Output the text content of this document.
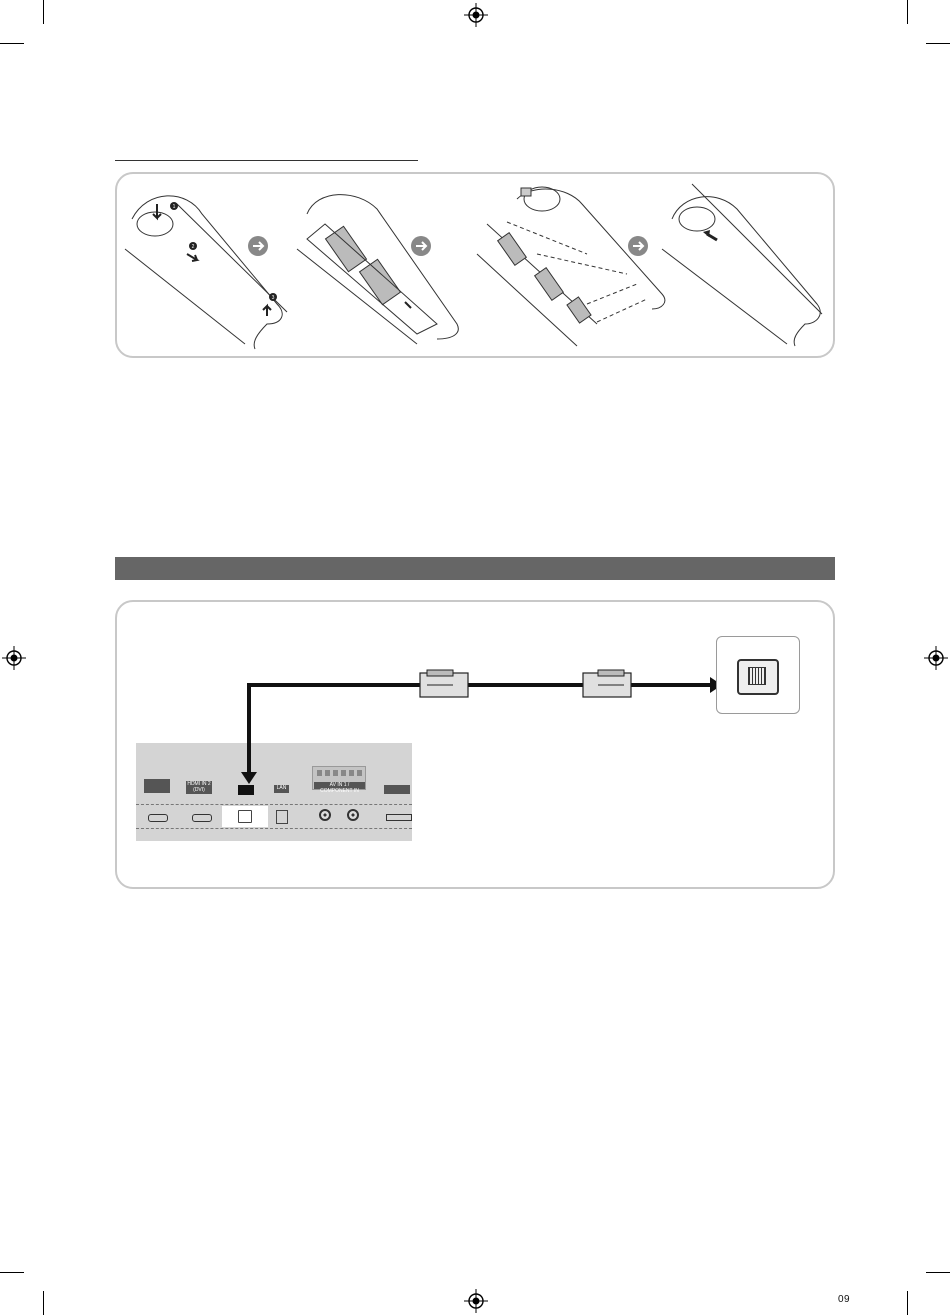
1
2
3
HDMI IN 2
(DVI)	LAN	AV IN 1 / COMPONENT IN
09
